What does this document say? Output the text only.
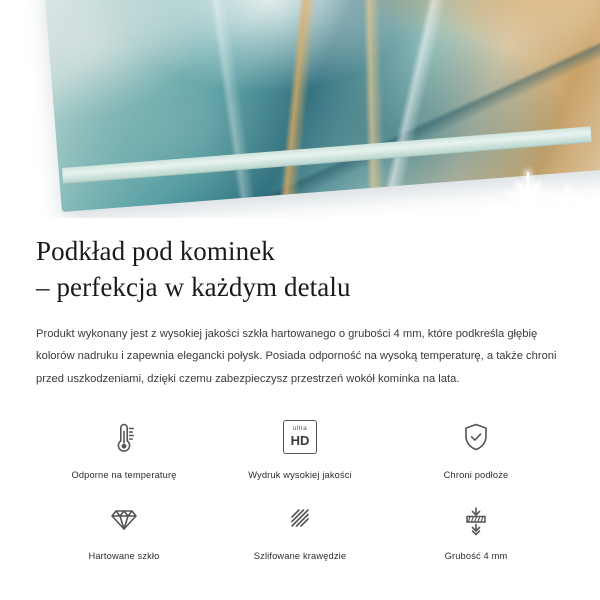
Podkład pod kominek
– perfekcja w każdym detalu

Produkt wykonany jest z wysokiej jakości szkła hartowanego o grubości 4 mm, które podkreśla głębię kolorów nadruku i zapewnia elegancki połysk. Posiada odporność na wysoką temperaturę, a także chroni przed uszkodzeniami, dzięki czemu zabezpieczysz przestrzeń wokół kominka na lata.

Odporne na temperaturę
ultra
HD
Wydruk wysokiej jakości	Chroni podłoże
Hartowane szkło	Szlifowane krawędzie	Grubość 4 mm
